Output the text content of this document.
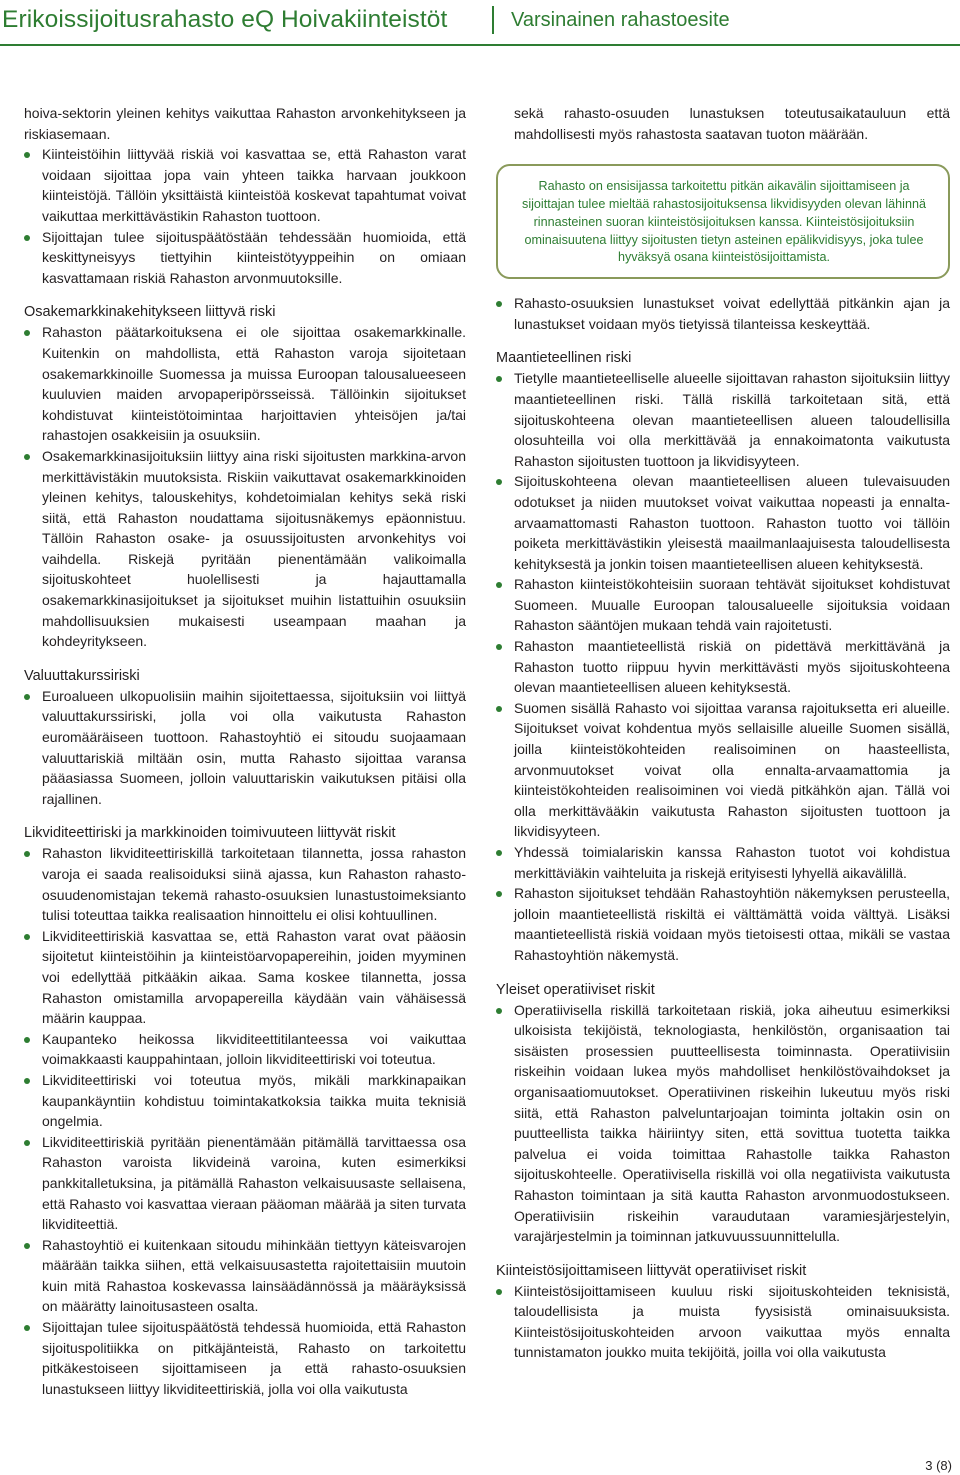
Erikoissijoitusrahasto eQ Hoivakiinteistöt	Varsinainen rahastoesite

hoiva-sektorin yleinen kehitys vaikuttaa Rahaston arvonkehitykseen ja riskiasemaan.

Kiinteistöihin liittyvää riskiä voi kasvattaa se, että Rahaston varat voidaan sijoittaa jopa vain yhteen taikka harvaan joukkoon kiinteistöjä. Tällöin yksittäistä kiinteistöä koskevat tapahtumat voivat vaikuttaa merkittävästikin Rahaston tuottoon.
Sijoittajan tulee sijoituspäätöstään tehdessään huomioida, että keskittyneisyys tiettyihin kiinteistötyyppeihin on omiaan kasvattamaan riskiä Rahaston arvonmuutoksille.
Osakemarkkinakehitykseen liittyvä riski
Rahaston päätarkoituksena ei ole sijoittaa osakemarkkinalle. Kuitenkin on mahdollista, että Rahaston varoja sijoitetaan osakemarkkinoille Suomessa ja muissa Euroopan talousalueeseen kuuluvien maiden arvopaperipörsseissä. Tällöinkin sijoitukset kohdistuvat kiinteistötoimintaa harjoittavien yhteisöjen ja/tai rahastojen osakkeisiin ja osuuksiin.
Osakemarkkinasijoituksiin liittyy aina riski sijoitusten markkina-arvon merkittävistäkin muutoksista. Riskiin vaikuttavat osakemarkkinoiden yleinen kehitys, talouskehitys, kohdetoimialan kehitys sekä riski siitä, että Rahaston noudattama sijoitusnäkemys epäonnistuu. Tällöin Rahaston osake- ja osuussijoitusten arvonkehitys voi vaihdella. Riskejä pyritään pienentämään valikoimalla sijoituskohteet huolellisesti ja hajauttamalla osakemarkkinasijoitukset ja sijoitukset muihin listattuihin osuuksiin mahdollisuuksien mukaisesti useampaan maahan ja kohdeyritykseen.
Valuuttakurssiriski
Euroalueen ulkopuolisiin maihin sijoitettaessa, sijoituksiin voi liittyä valuuttakurssiriski, jolla voi olla vaikutusta Rahaston euromääräiseen tuottoon. Rahastoyhtiö ei sitoudu suojaamaan valuuttariskiä miltään osin, mutta Rahasto sijoittaa varansa pääasiassa Suomeen, jolloin valuuttariskin vaikutuksen pitäisi olla rajallinen.
Likviditeettiriski ja markkinoiden toimivuuteen liittyvät riskit
Rahaston likviditeettiriskillä tarkoitetaan tilannetta, jossa rahaston varoja ei saada realisoiduksi siinä ajassa, kun Rahaston rahasto-osuudenomistajan tekemä rahasto-osuuksien lunastustoimeksianto tulisi toteuttaa taikka realisaation hinnoittelu ei olisi kohtuullinen.
Likviditeettiriskiä kasvattaa se, että Rahaston varat ovat pääosin sijoitetut kiinteistöihin ja kiinteistöarvopapereihin, joiden myyminen voi edellyttää pitkääkin aikaa. Sama koskee tilannetta, jossa Rahaston omistamilla arvopapereilla käydään vain vähäisessä määrin kauppaa.
Kaupanteko heikossa likviditeettitilanteessa voi vaikuttaa voimakkaasti kauppahintaan, jolloin likviditeettiriski voi toteutua.
Likviditeettiriski voi toteutua myös, mikäli markkinapaikan kaupankäyntiin kohdistuu toimintakatkoksia taikka muita teknisiä ongelmia.
Likviditeettiriskiä pyritään pienentämään pitämällä tarvittaessa osa Rahaston varoista likvideinä varoina, kuten esimerkiksi pankkitalletuksina, ja pitämällä Rahaston velkaisuusaste sellaisena, että Rahasto voi kasvattaa vieraan pääoman määrää ja siten turvata likviditeettiä.
Rahastoyhtiö ei kuitenkaan sitoudu mihinkään tiettyyn käteisvarojen määrään taikka siihen, että velkaisuusastetta rajoitettaisiin muutoin kuin mitä Rahastoa koskevassa lainsäädännössä ja määräyksissä on määrätty lainoitusasteen osalta.
Sijoittajan tulee sijoituspäätöstä tehdessä huomioida, että Rahaston sijoituspolitiikka on pitkäjänteistä, Rahasto on tarkoitettu pitkäkestoiseen sijoittamiseen ja että rahasto-osuuksien lunastukseen liittyy likviditeettiriskiä, jolla voi olla vaikutusta

sekä rahasto-osuuden lunastuksen toteutusaikatauluun että mahdollisesti myös rahastosta saatavan tuoton määrään.

Rahasto on ensisijassa tarkoitettu pitkän aikavälin sijoittamiseen ja sijoittajan tulee mieltää rahastosijoituksensa likvidisyyden olevan lähinnä rinnasteinen suoran kiinteistösijoituksen kanssa. Kiinteistösijoituksiin ominaisuutena liittyy sijoitusten tietyn asteinen epälikvidisyys, joka tulee hyväksyä osana kiinteistösijoittamista.
Rahasto-osuuksien lunastukset voivat edellyttää pitkänkin ajan ja lunastukset voidaan myös tietyissä tilanteissa keskeyttää.
Maantieteellinen riski
Tietylle maantieteelliselle alueelle sijoittavan rahaston sijoituksiin liittyy maantieteellinen riski. Tällä riskillä tarkoitetaan sitä, että sijoituskohteena olevan maantieteellisen alueen taloudellisilla olosuhteilla voi olla merkittävää ja ennakoimatonta vaikutusta Rahaston sijoitusten tuottoon ja likvidisyyteen.
Sijoituskohteena olevan maantieteellisen alueen tulevaisuuden odotukset ja niiden muutokset voivat vaikuttaa nopeasti ja ennalta-arvaamattomasti Rahaston tuottoon. Rahaston tuotto voi tällöin poiketa merkittävästikin yleisestä maailmanlaajuisesta taloudellisesta kehityksestä ja jonkin toisen maantieteellisen alueen kehityksestä.
Rahaston kiinteistökohteisiin suoraan tehtävät sijoitukset kohdistuvat Suomeen. Muualle Euroopan talousalueelle sijoituksia voidaan Rahaston sääntöjen mukaan tehdä vain rajoitetusti.
Rahaston maantieteellistä riskiä on pidettävä merkittävänä ja Rahaston tuotto riippuu hyvin merkittävästi myös sijoituskohteena olevan maantieteellisen alueen kehityksestä.
Suomen sisällä Rahasto voi sijoittaa varansa rajoituksetta eri alueille. Sijoitukset voivat kohdentua myös sellaisille alueille Suomen sisällä, joilla kiinteistökohteiden realisoiminen on haasteellista, arvonmuutokset voivat olla ennalta-arvaamattomia ja kiinteistökohteiden realisoiminen voi viedä pitkähkön ajan. Tällä voi olla merkittävääkin vaikutusta Rahaston sijoitusten tuottoon ja likvidisyyteen.
Yhdessä toimialariskin kanssa Rahaston tuotot voi kohdistua merkittäviäkin vaihteluita ja riskejä erityisesti lyhyellä aikavälillä.
Rahaston sijoitukset tehdään Rahastoyhtiön näkemyksen perusteella, jolloin maantieteellistä riskiltä ei välttämättä voida välttyä. Lisäksi maantieteellistä riskiä voidaan myös tietoisesti ottaa, mikäli se vastaa Rahastoyhtiön näkemystä.
Yleiset operatiiviset riskit
Operatiivisella riskillä tarkoitetaan riskiä, joka aiheutuu esimerkiksi ulkoisista tekijöistä, teknologiasta, henkilöstön, organisaation tai sisäisten prosessien puutteellisesta toiminnasta. Operatiivisiin riskeihin voidaan lukea myös mahdolliset henkilöstövaihdokset ja organisaatiomuutokset. Operatiivinen riskeihin lukeutuu myös riski siitä, että Rahaston palveluntarjoajan toiminta joltakin osin on puutteellista taikka häiriintyy siten, että sovittua tuotetta taikka palvelua ei voida toimittaa Rahastolle taikka Rahaston sijoituskohteelle. Operatiivisella riskillä voi olla negatiivista vaikutusta Rahaston toimintaan ja sitä kautta Rahaston arvonmuodostukseen. Operatiivisiin riskeihin varaudutaan varamiesjärjestelyin, varajärjestelmin ja toiminnan jatkuvuussuunnittelulla.
Kiinteistösijoittamiseen liittyvät operatiiviset riskit
Kiinteistösijoittamiseen kuuluu riski sijoituskohteiden teknisistä, taloudellisista ja muista fyysisistä ominaisuuksista. Kiinteistösijoituskohteiden arvoon vaikuttaa myös ennalta tunnistamaton joukko muita tekijöitä, joilla voi olla vaikutusta
3 (8)
